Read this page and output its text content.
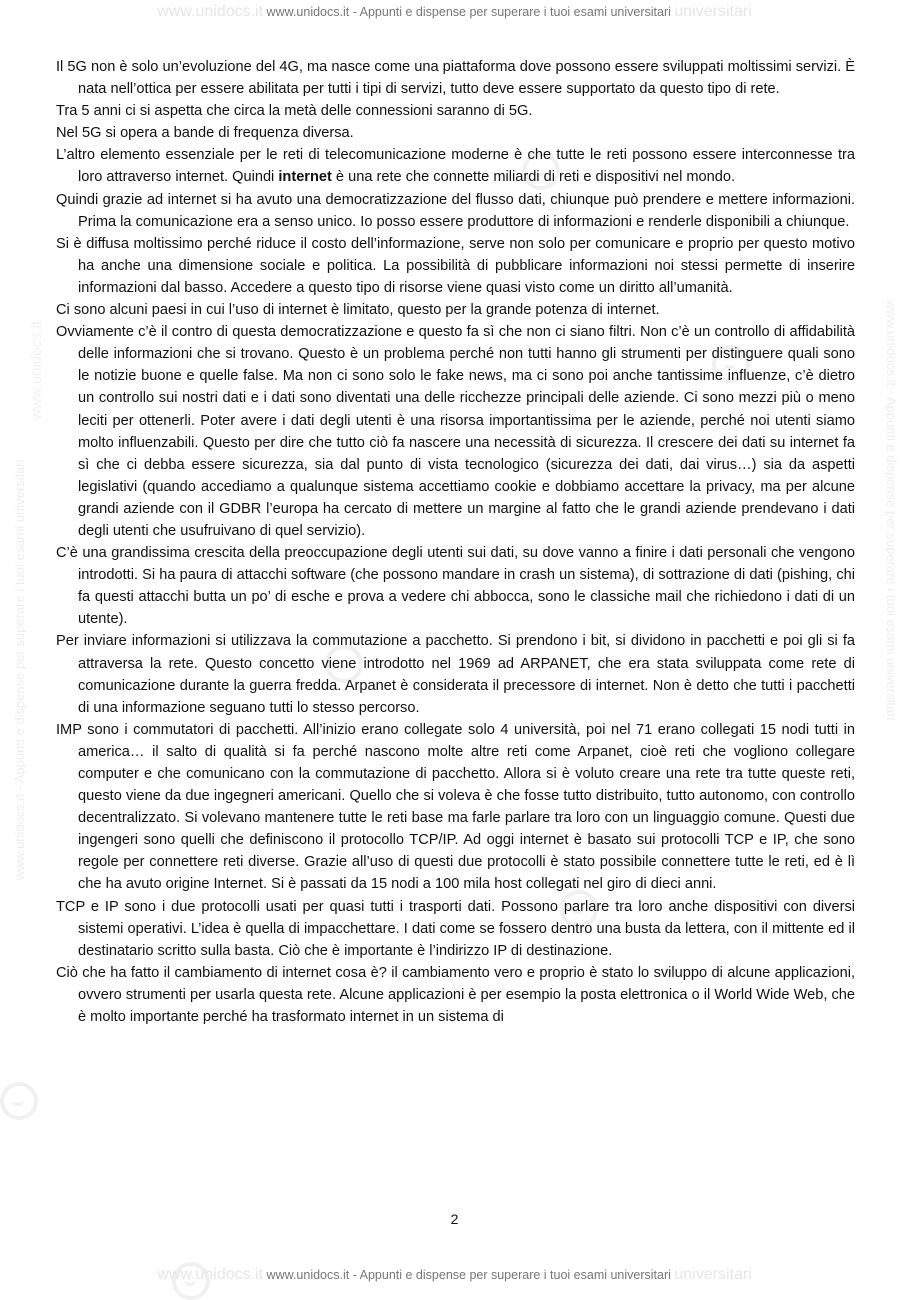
www.unidocs.it www.unidocs.it - Appunti e dispense per superare i tuoi esami universitari universitari
www.unidocs.it - Appunti e dispense per superare i tuoi esami universitari	www.unidocs.it - Appunti e dispense per superare i tuoi esami universitari
www.unidocs.it

Il 5G non è solo un’evoluzione del 4G, ma nasce come una piattaforma dove possono essere sviluppati moltissimi servizi. È nata nell’ottica per essere abilitata per tutti i tipi di servizi, tutto deve essere supportato da questo tipo di rete.

Tra 5 anni ci si aspetta che circa la metà delle connessioni saranno di 5G.

Nel 5G si opera a bande di frequenza diversa.

L’altro elemento essenziale per le reti di telecomunicazione moderne è che tutte le reti possono essere interconnesse tra loro attraverso internet. Quindi internet è una rete che connette miliardi di reti e dispositivi nel mondo.

Quindi grazie ad internet si ha avuto una democratizzazione del flusso dati, chiunque può prendere e mettere informazioni. Prima la comunicazione era a senso unico. Io posso essere produttore di informazioni e renderle disponibili a chiunque.

Si è diffusa moltissimo perché riduce il costo dell’informazione, serve non solo per comunicare e proprio per questo motivo ha anche una dimensione sociale e politica. La possibilità di pubblicare informazioni noi stessi permette di inserire informazioni dal basso. Accedere a questo tipo di risorse viene quasi visto come un diritto all’umanità.

Ci sono alcuni paesi in cui l’uso di internet è limitato, questo per la grande potenza di internet.

Ovviamente c’è il contro di questa democratizzazione e questo fa sì che non ci siano filtri. Non c’è un controllo di affidabilità delle informazioni che si trovano. Questo è un problema perché non tutti hanno gli strumenti per distinguere quali sono le notizie buone e quelle false. Ma non ci sono solo le fake news, ma ci sono poi anche tantissime influenze, c’è dietro un controllo sui nostri dati e i dati sono diventati una delle ricchezze principali delle aziende. Ci sono mezzi più o meno leciti per ottenerli. Poter avere i dati degli utenti è una risorsa importantissima per le aziende, perché noi utenti siamo molto influenzabili. Questo per dire che tutto ciò fa nascere una necessità di sicurezza. Il crescere dei dati su internet fa sì che ci debba essere sicurezza, sia dal punto di vista tecnologico (sicurezza dei dati, dai virus…) sia da aspetti legislativi (quando accediamo a qualunque sistema accettiamo cookie e dobbiamo accettare la privacy, ma per alcune grandi aziende con il GDBR l’europa ha cercato di mettere un margine al fatto che le grandi aziende prendevano i dati degli utenti che usufruivano di quel servizio).

C’è una grandissima crescita della preoccupazione degli utenti sui dati, su dove vanno a finire i dati personali che vengono introdotti. Si ha paura di attacchi software (che possono mandare in crash un sistema), di sottrazione di dati (pishing, chi fa questi attacchi butta un po’ di esche e prova a vedere chi abbocca, sono le classiche mail che richiedono i dati di un utente).

Per inviare informazioni si utilizzava la commutazione a pacchetto. Si prendono i bit, si dividono in pacchetti e poi gli si fa attraversa la rete. Questo concetto viene introdotto nel 1969 ad ARPANET, che era stata sviluppata come rete di comunicazione durante la guerra fredda. Arpanet è considerata il precessore di internet. Non è detto che tutti i pacchetti di una informazione seguano tutti lo stesso percorso.

IMP sono i commutatori di pacchetti. All’inizio erano collegate solo 4 università, poi nel 71 erano collegati 15 nodi tutti in america… il salto di qualità si fa perché nascono molte altre reti come Arpanet, cioè reti che vogliono collegare computer e che comunicano con la commutazione di pacchetto. Allora si è voluto creare una rete tra tutte queste reti, questo viene da due ingegneri americani. Quello che si voleva è che fosse tutto distribuito, tutto autonomo, con controllo decentralizzato. Si volevano mantenere tutte le reti base ma farle parlare tra loro con un linguaggio comune. Questi due ingengeri sono quelli che definiscono il protocollo TCP/IP. Ad oggi internet è basato sui protocolli TCP e IP, che sono regole per connettere reti diverse. Grazie all’uso di questi due protocolli è stato possibile connettere tutte le reti, ed è lì che ha avuto origine Internet. Si è passati da 15 nodi a 100 mila host collegati nel giro di dieci anni.

TCP e IP sono i due protocolli usati per quasi tutti i trasporti dati. Possono parlare tra loro anche dispositivi con diversi sistemi operativi. L’idea è quella di impacchettare. I dati come se fossero dentro una busta da lettera, con il mittente ed il destinatario scritto sulla basta. Ciò che è importante è l’indirizzo IP di destinazione.

Ciò che ha fatto il cambiamento di internet cosa è? il cambiamento vero e proprio è stato lo sviluppo di alcune applicazioni, ovvero strumenti per usarla questa rete. Alcune applicazioni è per esempio la posta elettronica o il World Wide Web, che è molto importante perché ha trasformato internet in un sistema di

2
www.unidocs.it www.unidocs.it - Appunti e dispense per superare i tuoi esami universitari universitari
